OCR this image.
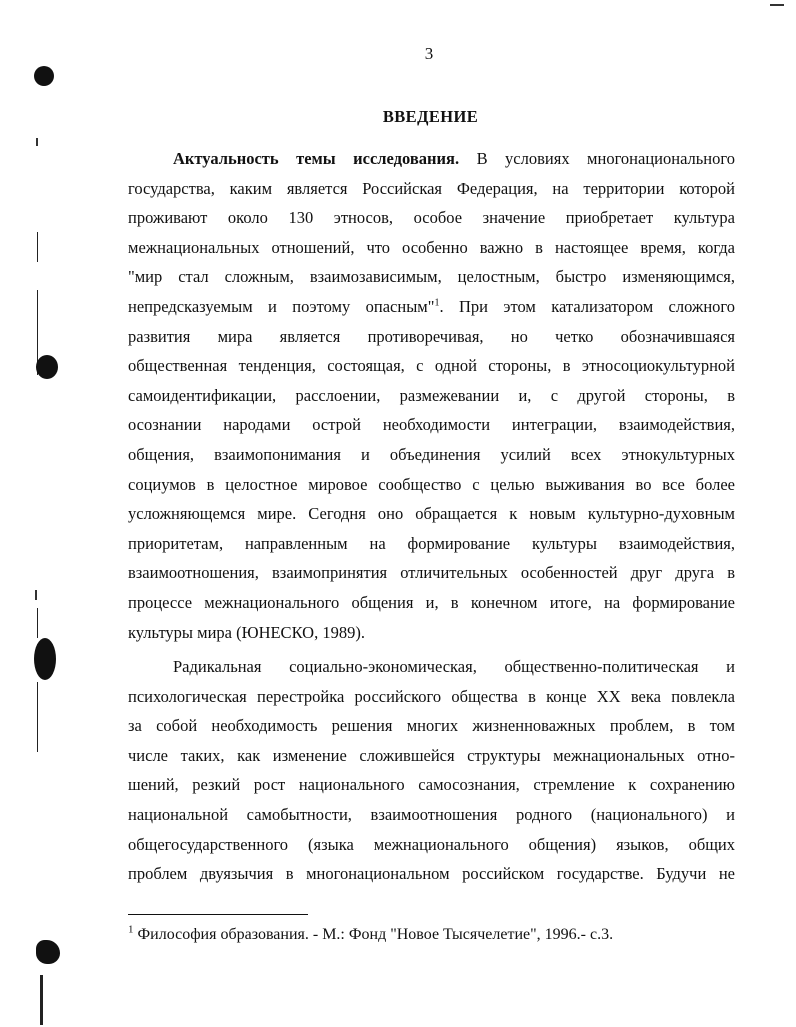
3
ВВЕДЕНИЕ
Актуальность темы исследования. В условиях многонационального
государства, каким является Российская Федерация, на территории которой
проживают около 130 этносов, особое значение приобретает культура
межнациональных отношений, что особенно важно в настоящее время, когда
"мир стал сложным, взаимозависимым, целостным, быстро изменяющимся,
непредсказуемым и поэтому опасным"$^1$. При этом катализатором сложного
развития мира является противоречивая, но четко обозначившаяся
общественная тенденция, состоящая, с одной стороны, в этносоциокультурной
самоидентификации, расслоении, размежевании и, с другой стороны, в
осознании народами острой необходимости интеграции, взаимодействия,
общения, взаимопонимания и объединения усилий всех этнокультурных
социумов в целостное мировое сообщество с целью выживания во все более
усложняющемся мире. Сегодня оно обращается к новым культурно-духовным
приоритетам, направленным на формирование культуры взаимодействия,
взаимоотношения, взаимопринятия отличительных особенностей друг друга в
процессе межнационального общения и, в конечном итоге, на формирование
культуры мира (ЮНЕСКО, 1989).
Радикальная социально-экономическая, общественно-политическая и
психологическая перестройка российского общества в конце XX века повлекла
за собой необходимость решения многих жизненноважных проблем, в том
числе таких, как изменение сложившейся структуры межнациональных отно-
шений, резкий рост национального самосознания, стремление к сохранению
национальной самобытности, взаимоотношения родного (национального) и
общегосударственного (языка межнационального общения) языков, общих
проблем двуязычия в многонациональном российском государстве. Будучи не
$^1$ Философия образования. - М.: Фонд "Новое Тысячелетие", 1996.- с.3.
